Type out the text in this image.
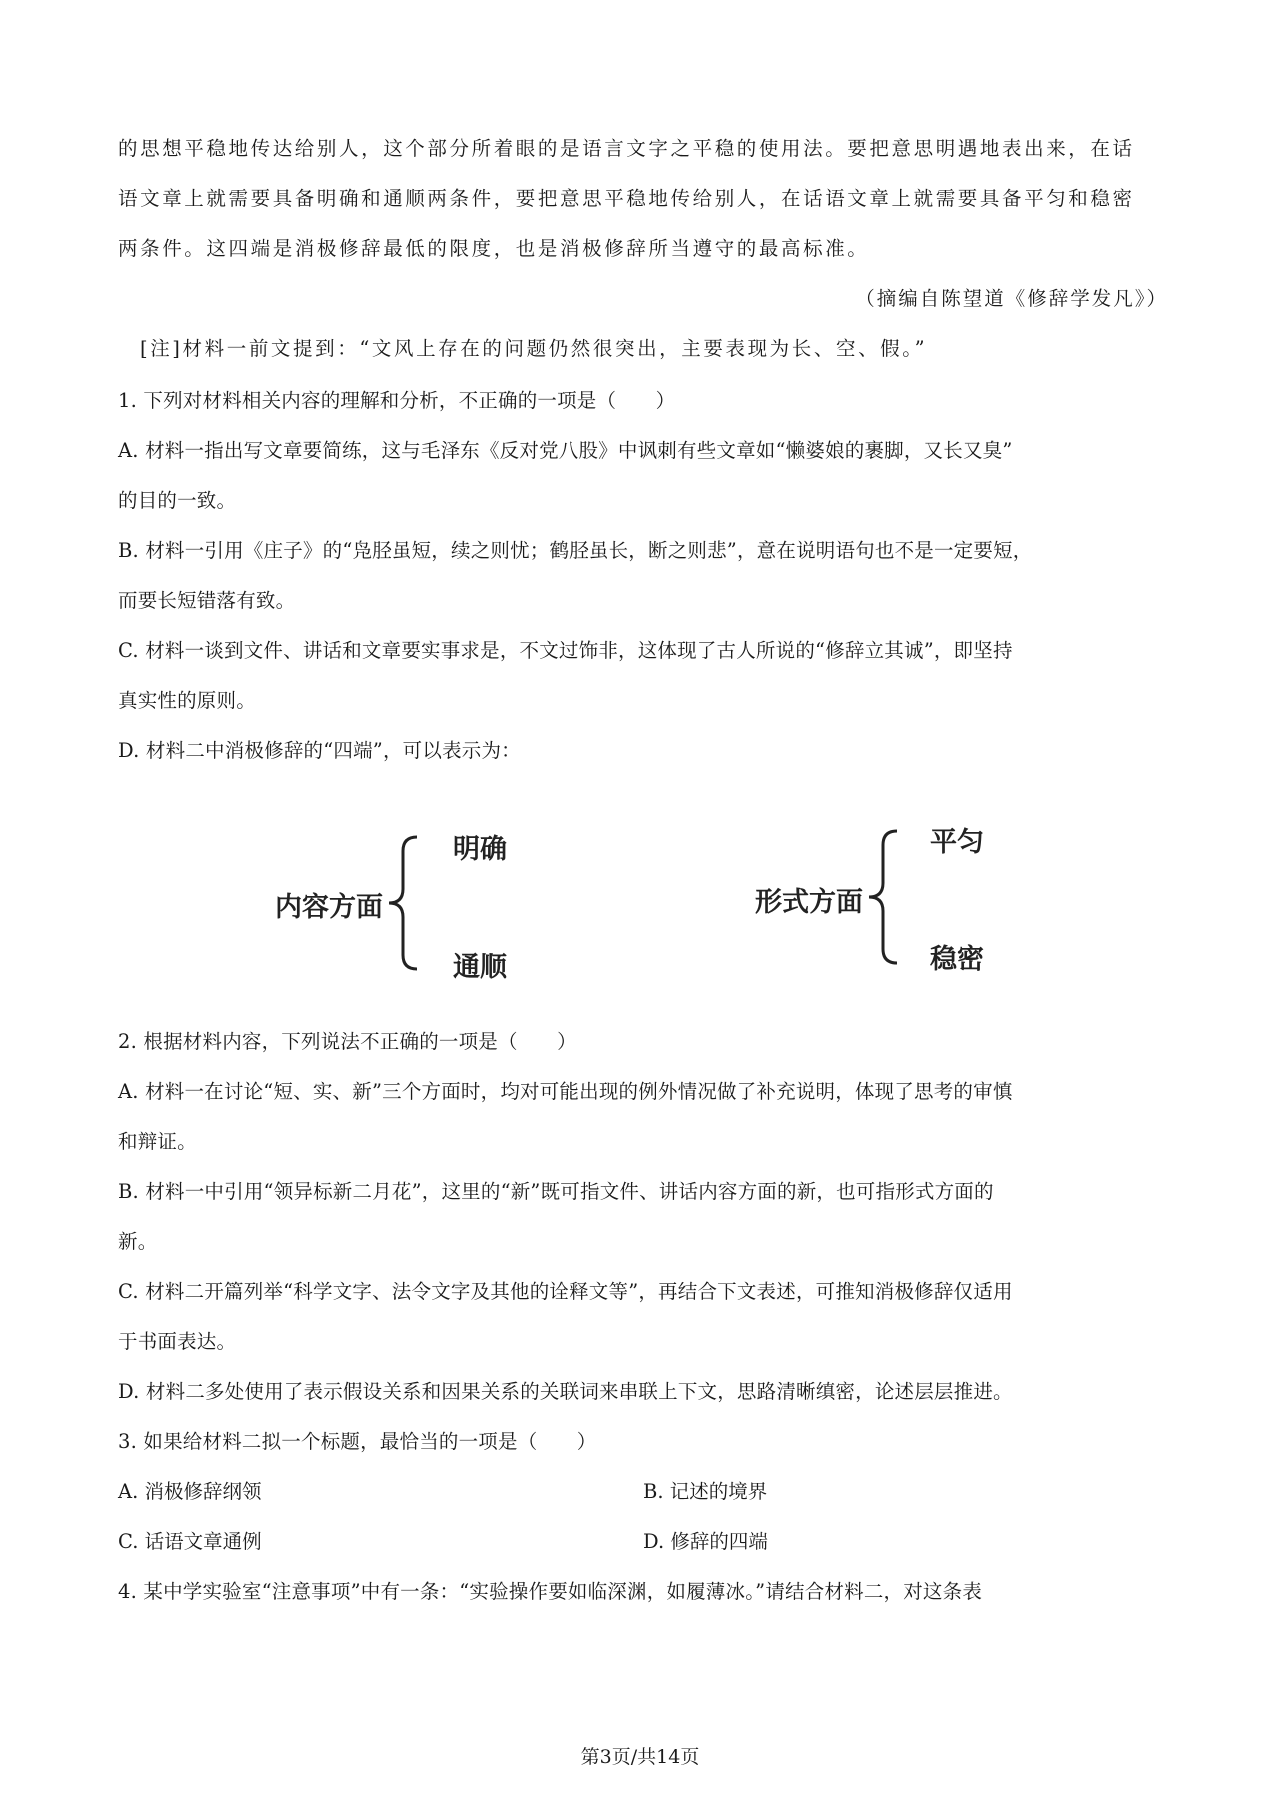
的思想平稳地传达给别人，这个部分所着眼的是语言文字之平稳的使用法。要把意思明遇地表出来，在话
语文章上就需要具备明确和通顺两条件，要把意思平稳地传给别人，在话语文章上就需要具备平匀和稳密
两条件。这四端是消极修辞最低的限度，也是消极修辞所当遵守的最高标准。
（摘编自陈望道《修辞学发凡》）
[注]材料一前文提到：“文风上存在的问题仍然很突出，主要表现为长、空、假。”
1. 下列对材料相关内容的理解和分析，不正确的一项是（　　）
A. 材料一指出写文章要简练，这与毛泽东《反对党八股》中讽刺有些文章如“懒婆娘的裹脚，又长又臭”
的目的一致。
B. 材料一引用《庄子》的“凫胫虽短，续之则忧；鹤胫虽长，断之则悲”，意在说明语句也不是一定要短，
而要长短错落有致。
C. 材料一谈到文件、讲话和文章要实事求是，不文过饰非，这体现了古人所说的“修辞立其诚”，即坚持
真实性的原则。
D. 材料二中消极修辞的“四端”，可以表示为：
内容方面
明确
通顺
形式方面
平匀
稳密
2. 根据材料内容，下列说法不正确的一项是（　　）
A. 材料一在讨论“短、实、新”三个方面时，均对可能出现的例外情况做了补充说明，体现了思考的审慎
和辩证。
B. 材料一中引用“领异标新二月花”，这里的“新”既可指文件、讲话内容方面的新，也可指形式方面的
新。
C. 材料二开篇列举“科学文字、法令文字及其他的诠释文等”，再结合下文表述，可推知消极修辞仅适用
于书面表达。
D. 材料二多处使用了表示假设关系和因果关系的关联词来串联上下文，思路清晰缜密，论述层层推进。
3. 如果给材料二拟一个标题，最恰当的一项是（　　）
A. 消极修辞纲领	B. 记述的境界
C. 话语文章通例	D. 修辞的四端
4. 某中学实验室“注意事项”中有一条：“实验操作要如临深渊，如履薄冰。”请结合材料二，对这条表
第3页/共14页
